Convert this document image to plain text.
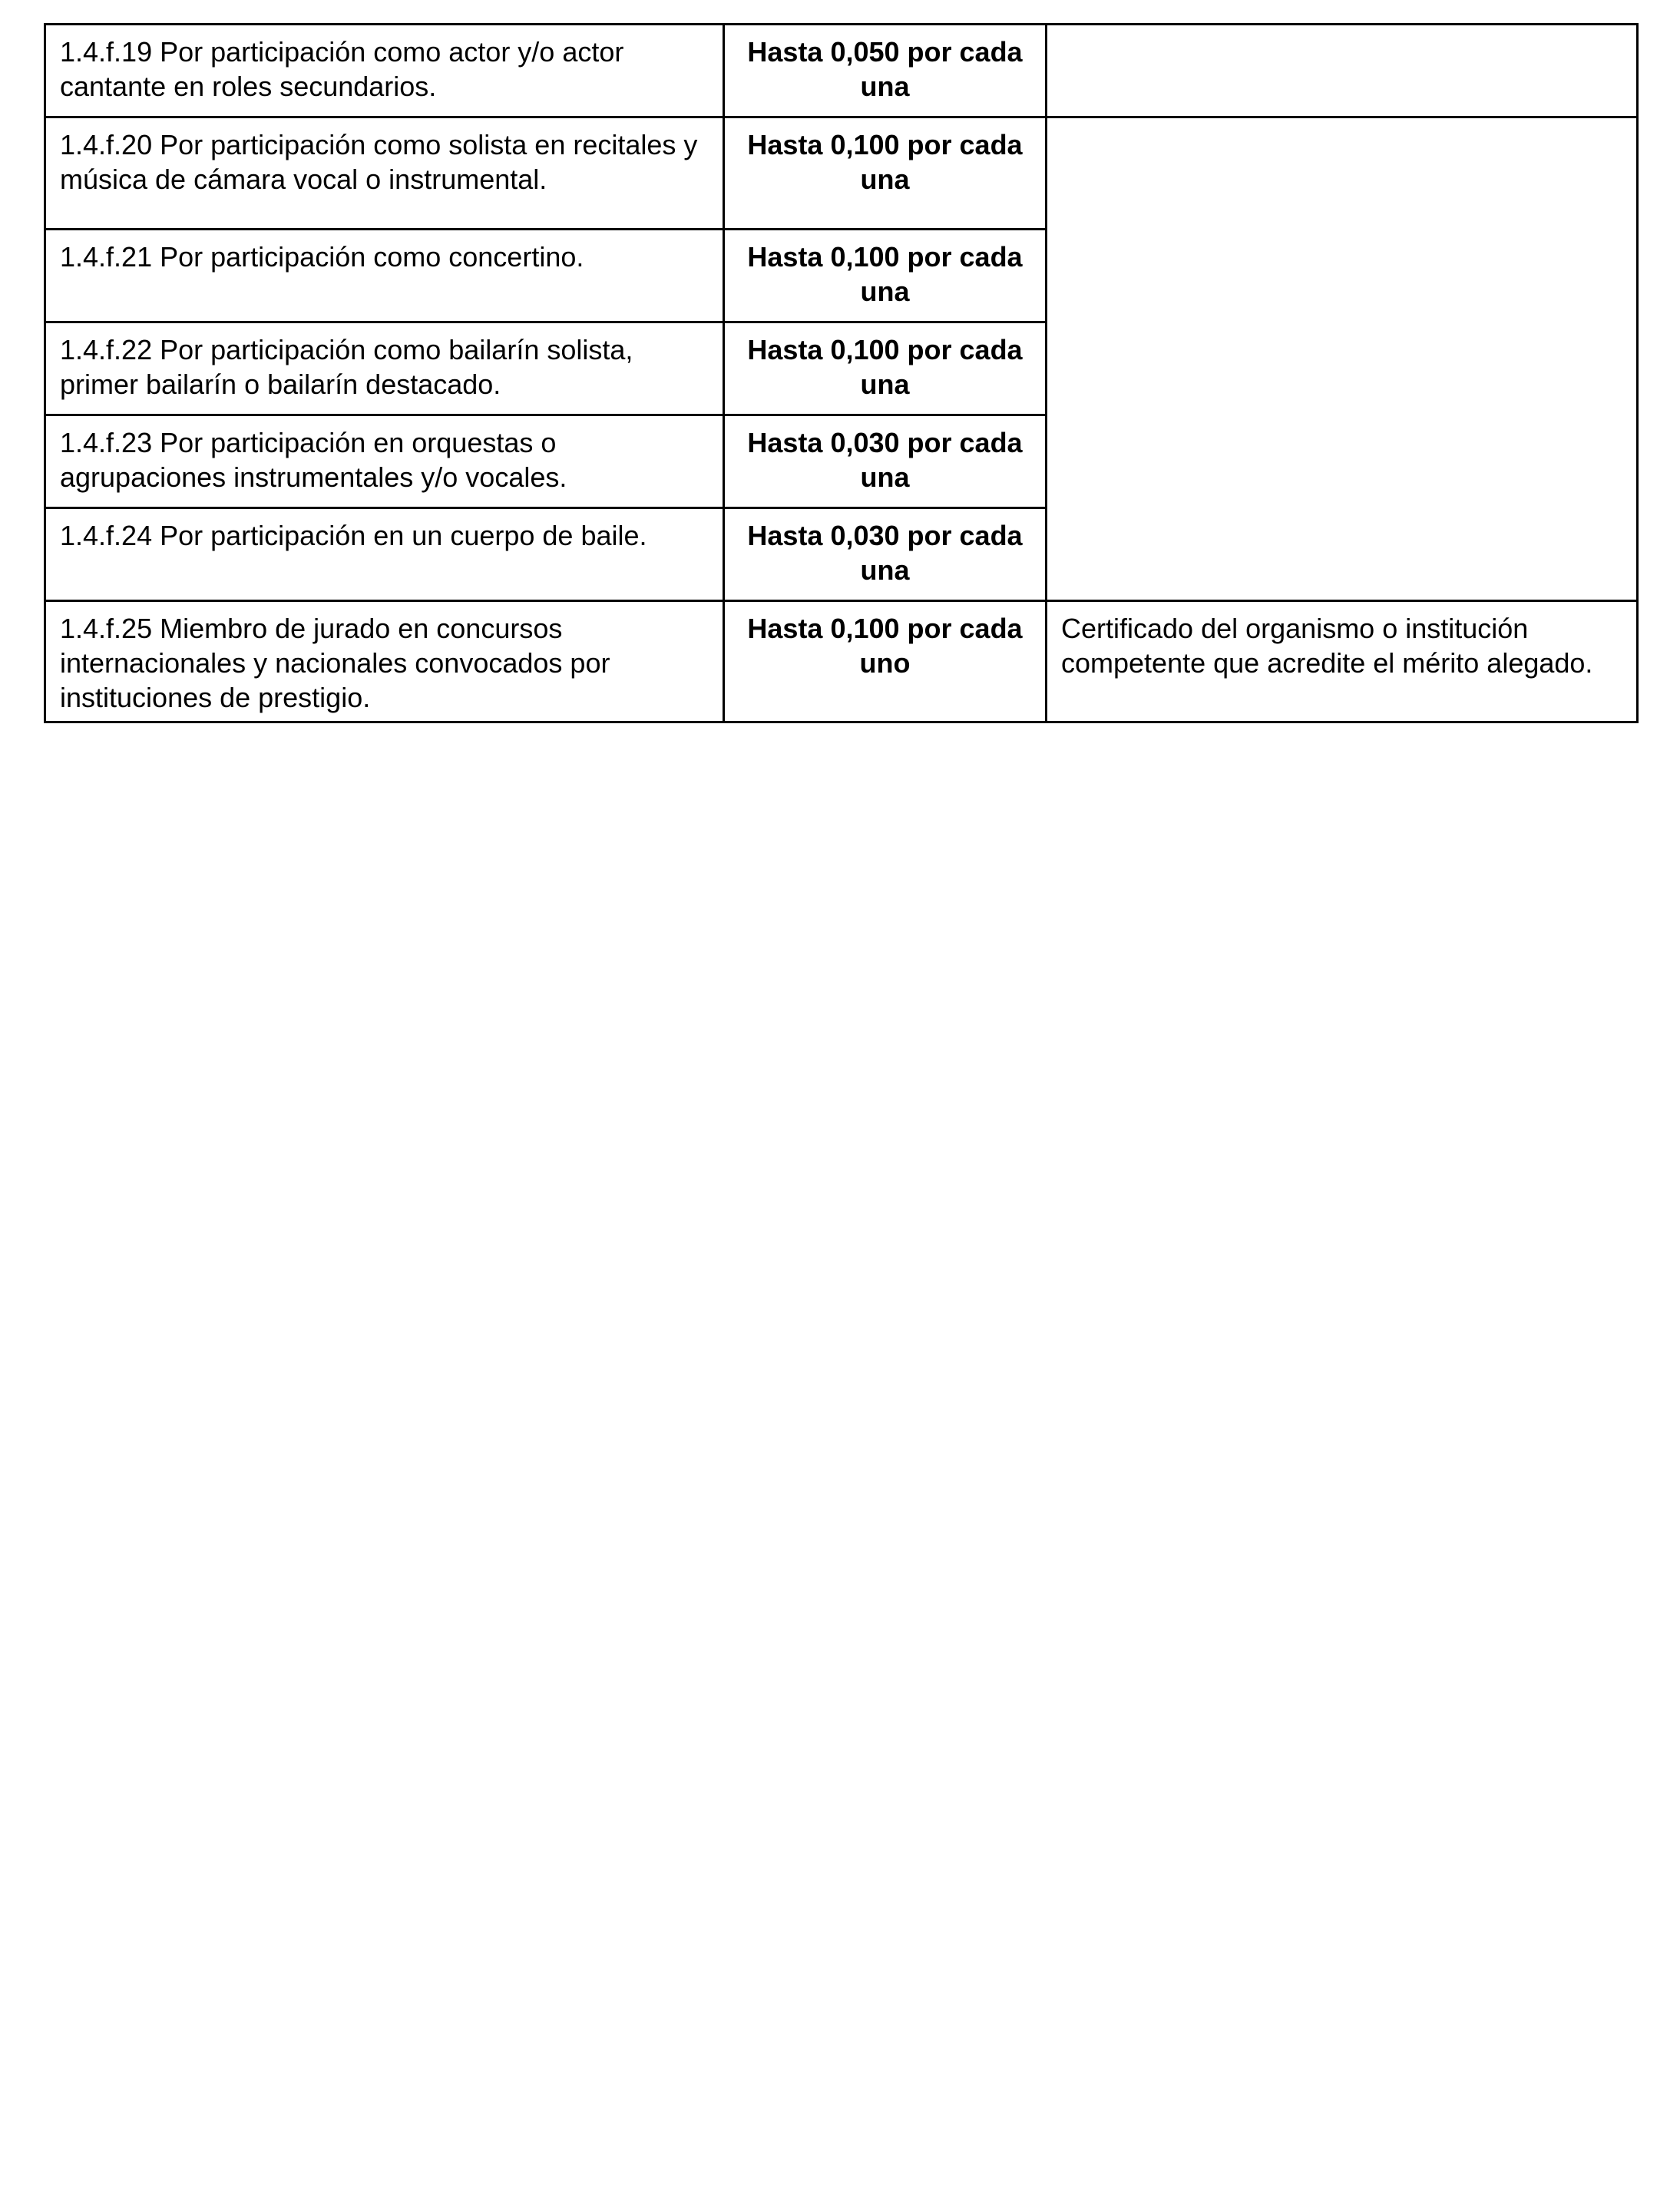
1.4.f.19 Por participación como actor y/o actor cantante en roles secundarios.	Hasta 0,050 por cada una	
1.4.f.20 Por participación como solista en recitales y música de cámara vocal o instrumental.	Hasta 0,100 por cada una	
1.4.f.21 Por participación como concertino.	Hasta 0,100 por cada una	
1.4.f.22 Por participación como bailarín solista, primer bailarín o bailarín destacado.	Hasta 0,100 por cada una	
1.4.f.23 Por participación en orquestas o agrupaciones instrumentales y/o vocales.	Hasta 0,030 por cada una	
1.4.f.24 Por participación en un cuerpo de baile.	Hasta 0,030 por cada una	
1.4.f.25 Miembro de jurado en concursos internacionales y nacionales convocados por instituciones de prestigio.	Hasta 0,100 por cada uno	Certificado del organismo o institución competente que acredite el mérito alegado.
